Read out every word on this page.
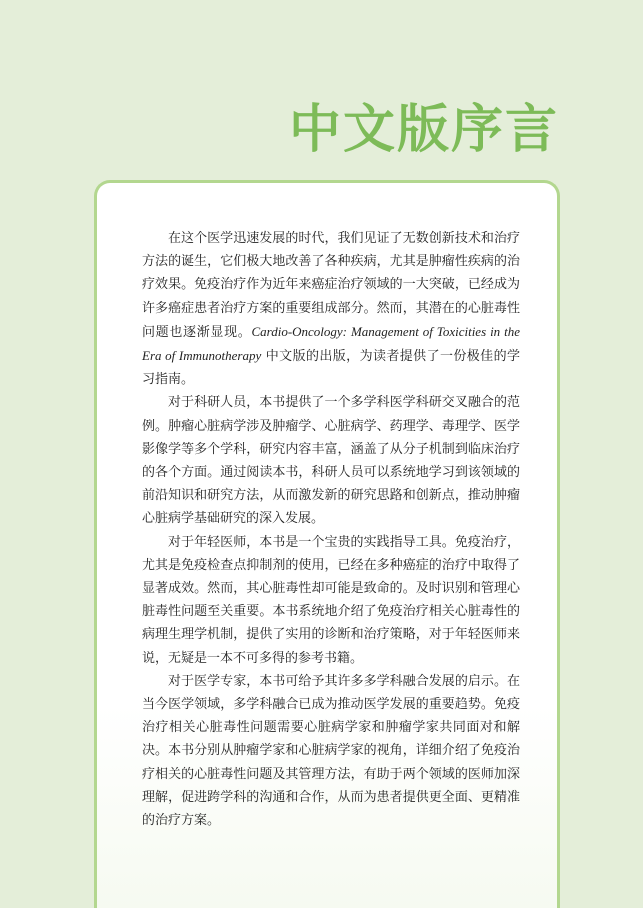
中文版序言

在这个医学迅速发展的时代，我们见证了无数创新技术和治疗方法的诞生，它们极大地改善了各种疾病，尤其是肿瘤性疾病的治疗效果。免疫治疗作为近年来癌症治疗领域的一大突破，已经成为许多癌症患者治疗方案的重要组成部分。然而，其潜在的心脏毒性问题也逐渐显现。Cardio-Oncology: Management of Toxicities in the Era of Immunotherapy 中文版的出版，为读者提供了一份极佳的学习指南。

对于科研人员，本书提供了一个多学科医学科研交叉融合的范例。肿瘤心脏病学涉及肿瘤学、心脏病学、药理学、毒理学、医学影像学等多个学科，研究内容丰富，涵盖了从分子机制到临床治疗的各个方面。通过阅读本书，科研人员可以系统地学习到该领域的前沿知识和研究方法，从而激发新的研究思路和创新点，推动肿瘤心脏病学基础研究的深入发展。

对于年轻医师，本书是一个宝贵的实践指导工具。免疫治疗，尤其是免疫检查点抑制剂的使用，已经在多种癌症的治疗中取得了显著成效。然而，其心脏毒性却可能是致命的。及时识别和管理心脏毒性问题至关重要。本书系统地介绍了免疫治疗相关心脏毒性的病理生理学机制，提供了实用的诊断和治疗策略，对于年轻医师来说，无疑是一本不可多得的参考书籍。

对于医学专家，本书可给予其许多多学科融合发展的启示。在当今医学领域，多学科融合已成为推动医学发展的重要趋势。免疫治疗相关心脏毒性问题需要心脏病学家和肿瘤学家共同面对和解决。本书分别从肿瘤学家和心脏病学家的视角，详细介绍了免疫治疗相关的心脏毒性问题及其管理方法，有助于两个领域的医师加深理解，促进跨学科的沟通和合作，从而为患者提供更全面、更精准的治疗方案。
